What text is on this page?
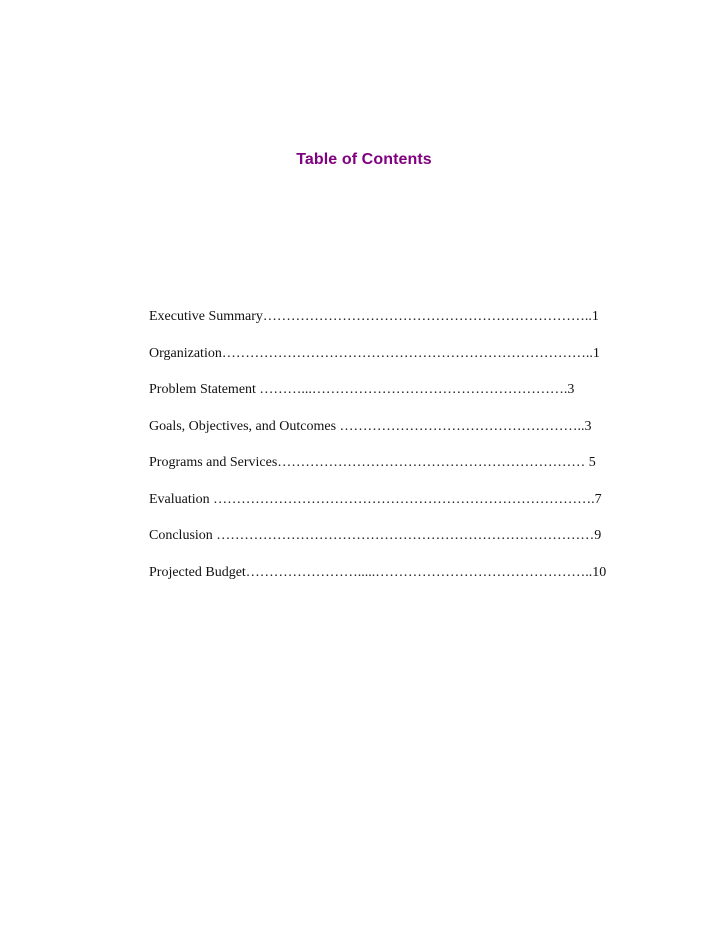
Table of Contents
Executive Summary……………………………………………………………..1
Organization……………………………………………………………………..1
Problem Statement ………...……………………………………………….3
Goals, Objectives, and Outcomes ……………………………………………..3
Programs and Services………………………………………………………… 5
Evaluation ……………………………………………………………………….7
Conclusion ………………………………………………………………………9
Projected Budget…………………….....………………………………………..10
